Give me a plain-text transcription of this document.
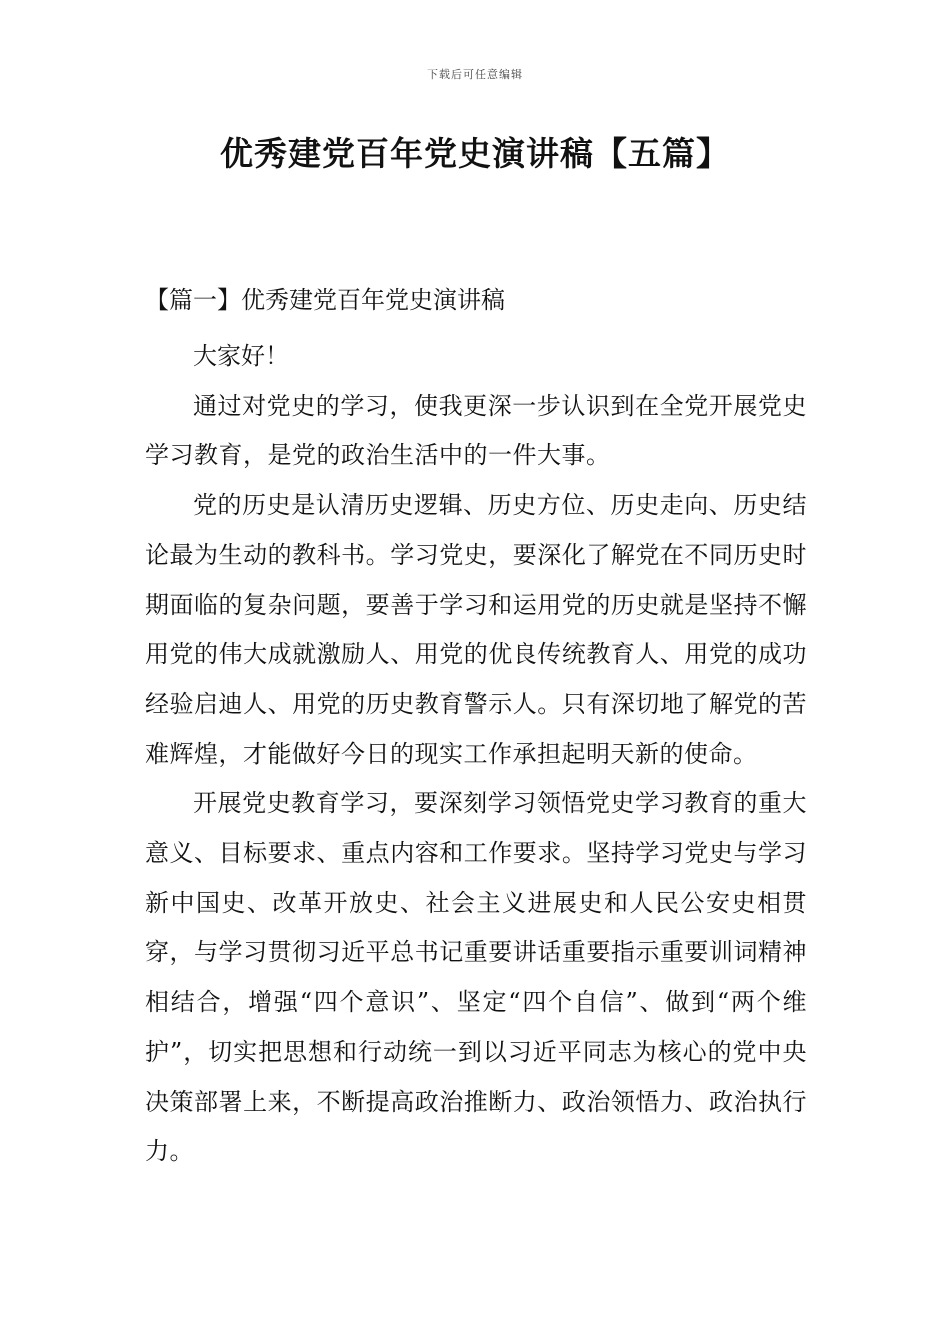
下载后可任意编辑
优秀建党百年党史演讲稿【五篇】

【篇一】优秀建党百年党史演讲稿

大家好！

通过对党史的学习，使我更深一步认识到在全党开展党史学习教育，是党的政治生活中的一件大事。

党的历史是认清历史逻辑、历史方位、历史走向、历史结论最为生动的教科书。学习党史，要深化了解党在不同历史时期面临的复杂问题，要善于学习和运用党的历史就是坚持不懈用党的伟大成就激励人、用党的优良传统教育人、用党的成功经验启迪人、用党的历史教育警示人。只有深切地了解党的苦难辉煌，才能做好今日的现实工作承担起明天新的使命。

开展党史教育学习，要深刻学习领悟党史学习教育的重大意义、目标要求、重点内容和工作要求。坚持学习党史与学习新中国史、改革开放史、社会主义进展史和人民公安史相贯穿，与学习贯彻习近平总书记重要讲话重要指示重要训词精神相结合，增强“四个意识”、坚定“四个自信”、做到“两个维护”，切实把思想和行动统一到以习近平同志为核心的党中央决策部署上来，不断提高政治推断力、政治领悟力、政治执行力。
